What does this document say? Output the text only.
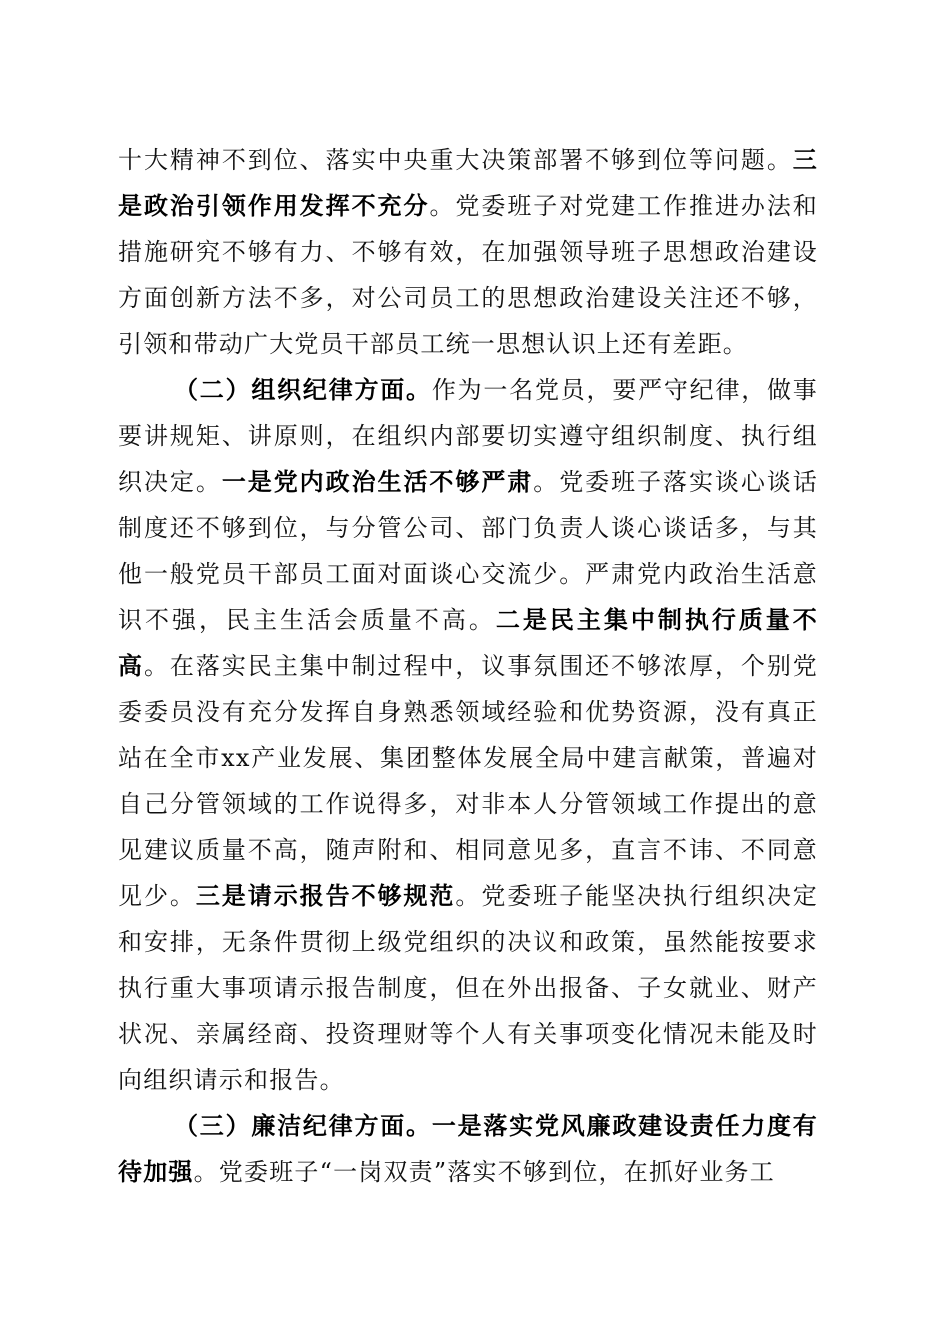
十大精神不到位、落实中央重大决策部署不够到位等问题。三是政治引领作用发挥不充分。党委班子对党建工作推进办法和措施研究不够有力、不够有效，在加强领导班子思想政治建设方面创新方法不多，对公司员工的思想政治建设关注还不够，引领和带动广大党员干部员工统一思想认识上还有差距。

（二）组织纪律方面。作为一名党员，要严守纪律，做事要讲规矩、讲原则，在组织内部要切实遵守组织制度、执行组织决定。一是党内政治生活不够严肃。党委班子落实谈心谈话制度还不够到位，与分管公司、部门负责人谈心谈话多，与其他一般党员干部员工面对面谈心交流少。严肃党内政治生活意识不强，民主生活会质量不高。二是民主集中制执行质量不高。在落实民主集中制过程中，议事氛围还不够浓厚，个别党委委员没有充分发挥自身熟悉领域经验和优势资源，没有真正站在全市xx产业发展、集团整体发展全局中建言献策，普遍对自己分管领域的工作说得多，对非本人分管领域工作提出的意见建议质量不高，随声附和、相同意见多，直言不讳、不同意见少。三是请示报告不够规范。党委班子能坚决执行组织决定和安排，无条件贯彻上级党组织的决议和政策，虽然能按要求执行重大事项请示报告制度，但在外出报备、子女就业、财产状况、亲属经商、投资理财等个人有关事项变化情况未能及时向组织请示和报告。

（三）廉洁纪律方面。一是落实党风廉政建设责任力度有待加强。党委班子“一岗双责”落实不够到位，在抓好业务工
